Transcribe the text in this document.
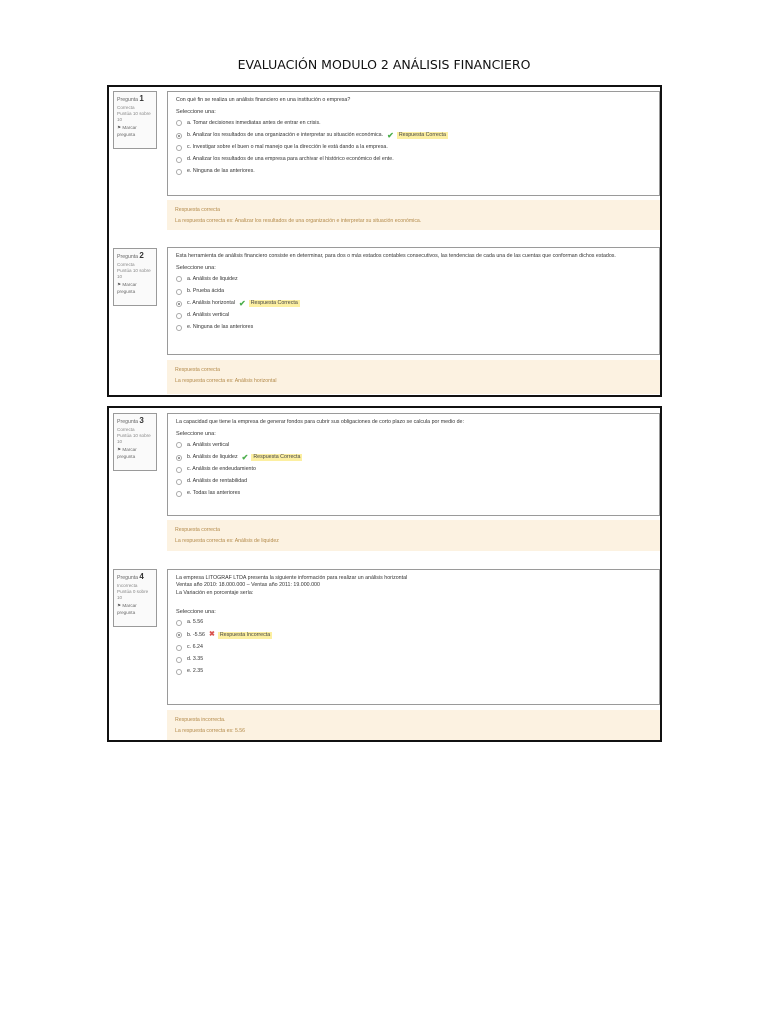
EVALUACIÓN MODULO 2 ANÁLISIS FINANCIERO
Pregunta 1
Correcta
Puntúa 10 sobre 10
⚑ Marcar pregunta
Con qué fin se realiza un análisis financiero en una institución o empresa?
Seleccione una:
a. Tomar decisiones inmediatas antes de entrar en crisis.
b. Analizar los resultados de una organización e interpretar su situación económica. ✔ Respuesta Correcta
c. Investigar sobre el buen o mal manejo que la dirección le está dando a la empresa.
d. Analizar los resultados de una empresa para archivar el histórico económico del ente.
e. Ninguna de las anteriores.
Respuesta correcta
La respuesta correcta es: Analizar los resultados de una organización e interpretar su situación económica.
Pregunta 2
Correcta
Puntúa 10 sobre 10
⚑ Marcar pregunta
Esta herramienta de análisis financiero consiste en determinar, para dos o más estados contables consecutivos, las tendencias de cada una de las cuentas que conforman dichos estados.
Seleccione una:
a. Análisis de liquidez
b. Prueba ácida
c. Análisis horizontal ✔ Respuesta Correcta
d. Análisis vertical
e. Ninguna de las anteriores
Respuesta correcta
La respuesta correcta es: Análisis horizontal
Pregunta 3
Correcta
Puntúa 10 sobre 10
⚑ Marcar pregunta
La capacidad que tiene la empresa de generar fondos para cubrir sus obligaciones de corto plazo se calcula por medio de:
Seleccione una:
a. Análisis vertical
b. Análisis de liquidez ✔ Respuesta Correcta
c. Análisis de endeudamiento
d. Análisis de rentabilidad
e. Todas las anteriores
Respuesta correcta
La respuesta correcta es: Análisis de liquidez
Pregunta 4
Incorrecta
Puntúa 0 sobre 10
⚑ Marcar pregunta
La empresa LITOGRAF LTDA presenta la siguiente información para realizar un análisis horizontal
Ventas año 2010: 18.000.000 – Ventas año 2011: 19.000.000
La Variación en porcentaje sería:
Seleccione una:
a. 5.56
b. -5.56 ✖ Respuesta Incorrecta
c. 6.24
d. 3.35
e. 2.35
Respuesta incorrecta.
La respuesta correcta es: 5.56
